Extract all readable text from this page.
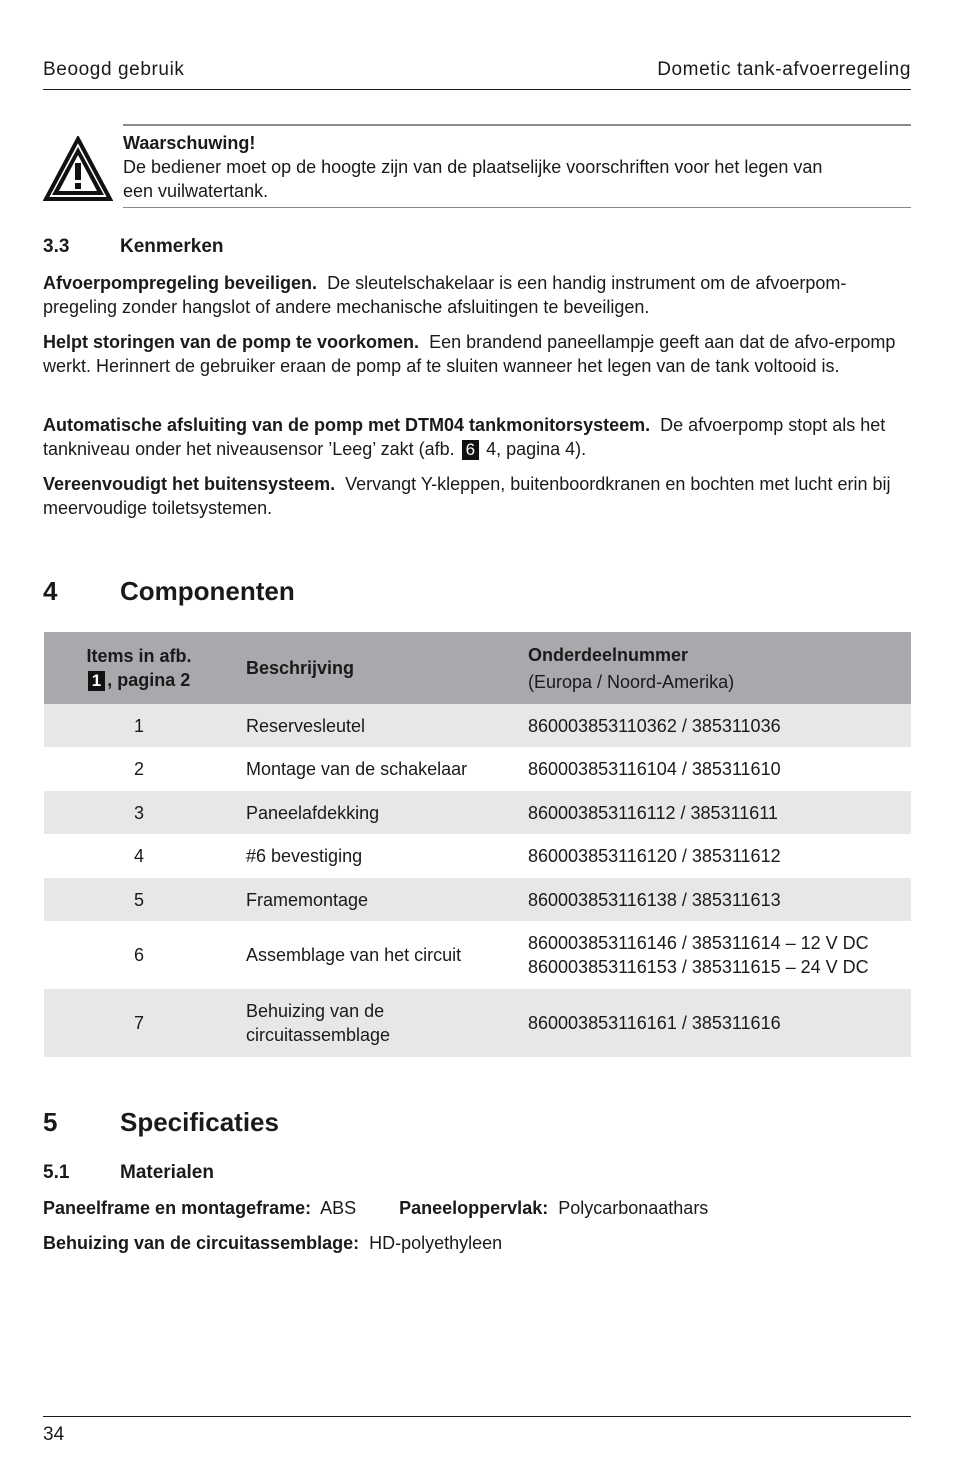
Beoogd gebruik	Dometic tank-afvoerregeling
Waarschuwing!
De bediener moet op de hoogte zijn van de plaatselijke voorschriften voor het legen van
een vuilwatertank.
3.3	Kenmerken
Afvoerpompregeling beveiligen. De sleutelschakelaar is een handig instrument om de afvoerpom-pregeling zonder hangslot of andere mechanische afsluitingen te beveiligen.
Helpt storingen van de pomp te voorkomen. Een brandend paneellampje geeft aan dat de afvo-erpomp werkt. Herinnert de gebruiker eraan de pomp af te sluiten wanneer het legen van de tank voltooid is.
Automatische afsluiting van de pomp met DTM04 tankmonitorsysteem. De afvoerpomp stopt als het tankniveau onder het niveausensor ’Leeg’ zakt (afb. 6 4, pagina 4).
Vereenvoudigt het buitensysteem. Vervangt Y-kleppen, buitenboordkranen en bochten met lucht erin bij meervoudige toiletsystemen.
4	Componenten
Items in afb.
1 , pagina 2	Beschrijving	Onderdeelnummer
(Europa / Noord-Amerika)

1	Reservesleutel	860003853110362 / 385311036
2	Montage van de schakelaar	860003853116104 / 385311610
3	Paneelafdekking	860003853116112 / 385311611
4	#6 bevestiging	860003853116120 / 385311612
5	Framemontage	860003853116138 / 385311613
6	Assemblage van het circuit	860003853116146 / 385311614 – 12 V DC
860003853116153 / 385311615 – 24 V DC

7	Behuizing van de
circuitassemblage	860003853116161 / 385311616
5	Specificaties
5.1	Materialen
Paneelframe en montageframe: ABS Paneeloppervlak: Polycarbonaathars
Behuizing van de circuitassemblage: HD-polyethyleen
34
